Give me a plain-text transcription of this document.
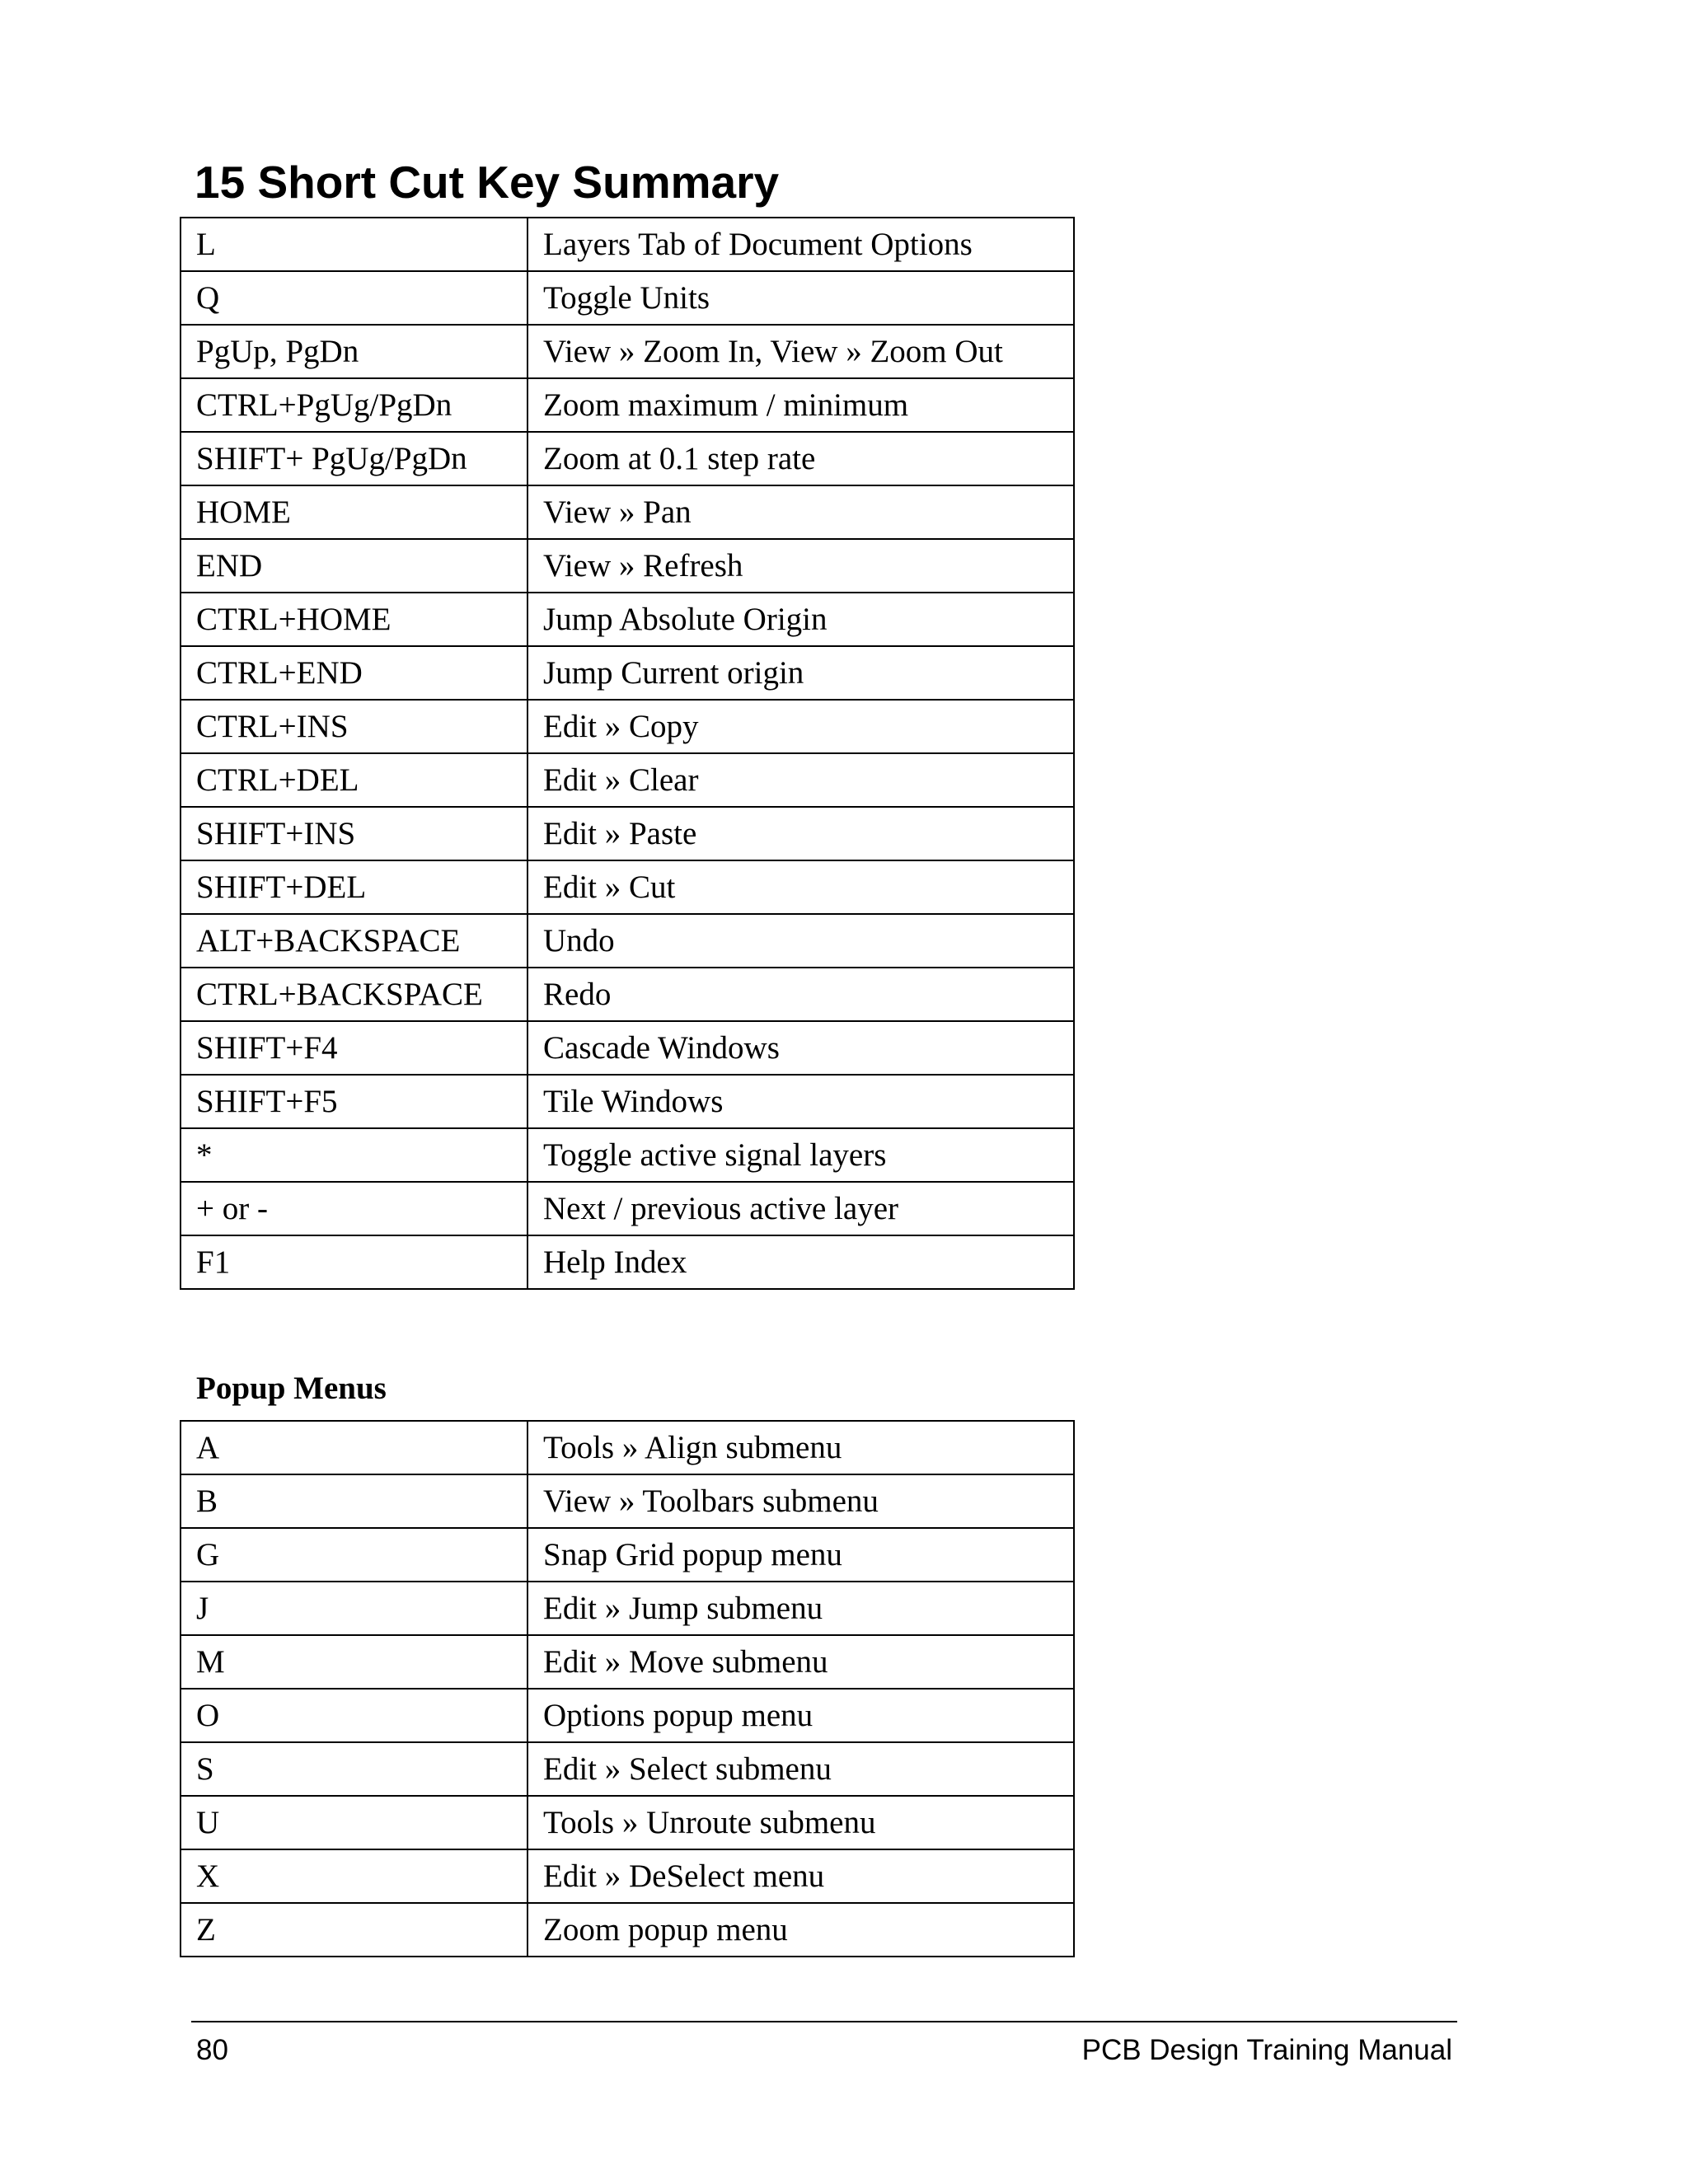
15 Short Cut Key Summary
L	Layers Tab of Document Options
Q	Toggle Units
PgUp, PgDn	View » Zoom In, View » Zoom Out
CTRL+PgUg/PgDn	Zoom maximum / minimum
SHIFT+ PgUg/PgDn	Zoom at 0.1 step rate
HOME	View » Pan
END	View » Refresh
CTRL+HOME	Jump Absolute Origin
CTRL+END	Jump Current origin
CTRL+INS	Edit » Copy
CTRL+DEL	Edit » Clear
SHIFT+INS	Edit » Paste
SHIFT+DEL	Edit » Cut
ALT+BACKSPACE	Undo
CTRL+BACKSPACE	Redo
SHIFT+F4	Cascade Windows
SHIFT+F5	Tile Windows
*	Toggle active signal layers
+ or -	Next / previous active layer
F1	Help Index
Popup Menus
A	Tools » Align submenu
B	View » Toolbars submenu
G	Snap Grid popup menu
J	Edit » Jump submenu
M	Edit » Move submenu
O	Options popup menu
S	Edit » Select submenu
U	Tools » Unroute submenu
X	Edit » DeSelect menu
Z	Zoom popup menu
80	PCB Design Training Manual
